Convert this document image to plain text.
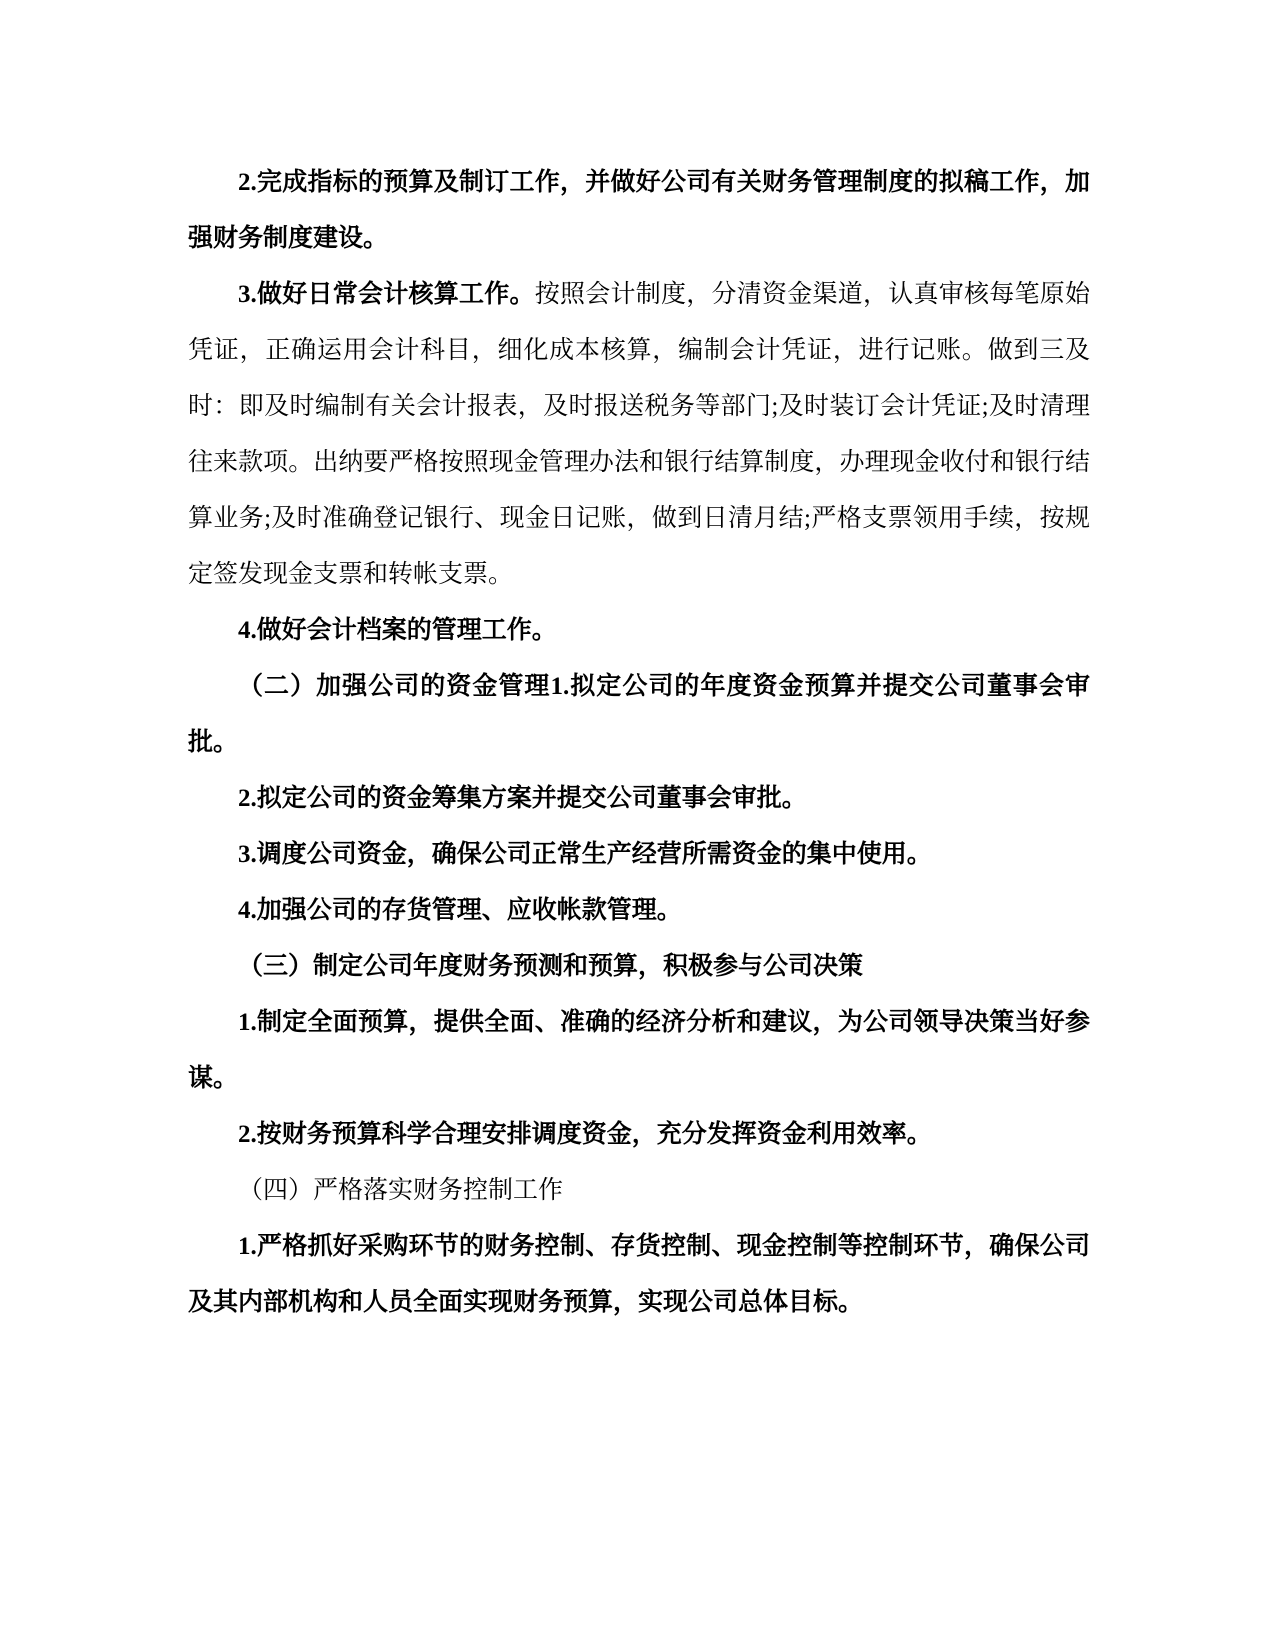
2.完成指标的预算及制订工作，并做好公司有关财务管理制度的拟稿工作，加强财务制度建设。

3.做好日常会计核算工作。按照会计制度，分清资金渠道，认真审核每笔原始凭证，正确运用会计科目，细化成本核算，编制会计凭证，进行记账。做到三及时：即及时编制有关会计报表，及时报送税务等部门;及时装订会计凭证;及时清理往来款项。出纳要严格按照现金管理办法和银行结算制度，办理现金收付和银行结算业务;及时准确登记银行、现金日记账，做到日清月结;严格支票领用手续，按规定签发现金支票和转帐支票。

4.做好会计档案的管理工作。

（二）加强公司的资金管理1.拟定公司的年度资金预算并提交公司董事会审批。

2.拟定公司的资金筹集方案并提交公司董事会审批。

3.调度公司资金，确保公司正常生产经营所需资金的集中使用。

4.加强公司的存货管理、应收帐款管理。

（三）制定公司年度财务预测和预算，积极参与公司决策

1.制定全面预算，提供全面、准确的经济分析和建议，为公司领导决策当好参谋。

2.按财务预算科学合理安排调度资金，充分发挥资金利用效率。

（四）严格落实财务控制工作

1.严格抓好采购环节的财务控制、存货控制、现金控制等控制环节，确保公司及其内部机构和人员全面实现财务预算，实现公司总体目标。
